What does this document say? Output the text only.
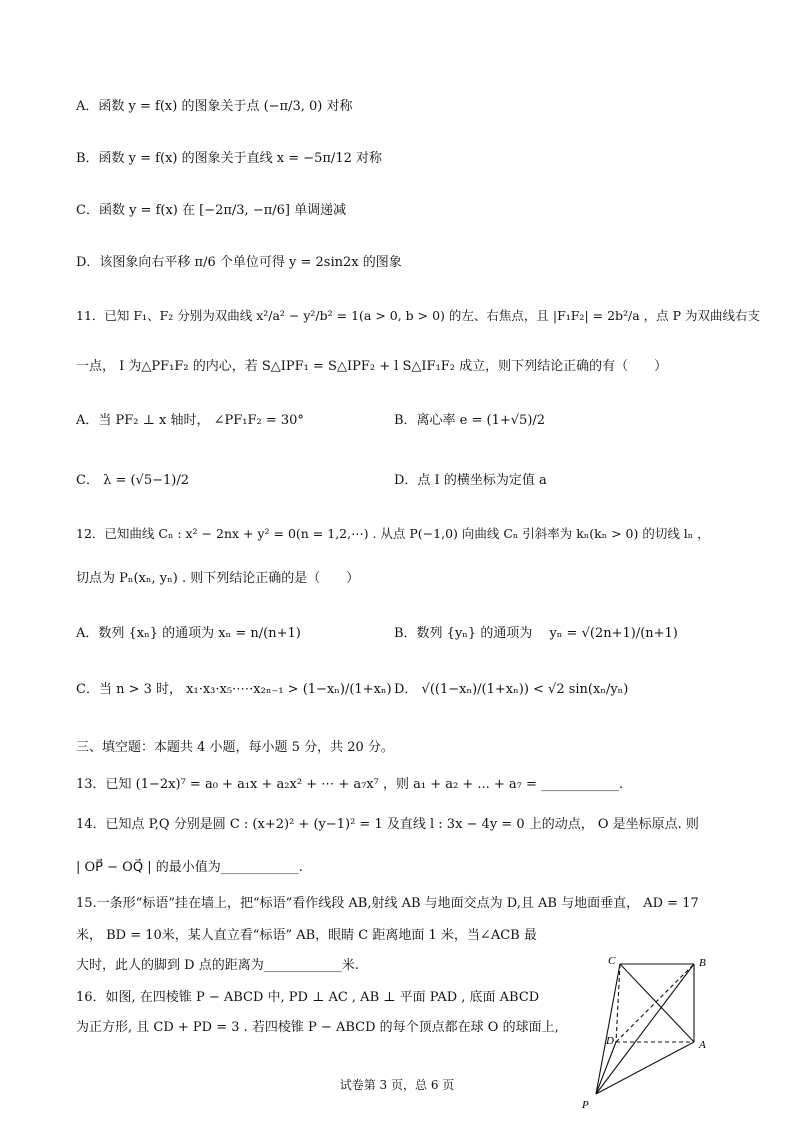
A．函数 y = f(x) 的图象关于点 (−π/3, 0) 对称
B．函数 y = f(x) 的图象关于直线 x = −5π/12 对称
C．函数 y = f(x) 在 [−2π/3, −π/6] 单调递减
D．该图象向右平移 π/6 个单位可得 y = 2sin2x 的图象
11．已知 F₁、F₂ 分别为双曲线 x²/a² − y²/b² = 1(a > 0, b > 0) 的左、右焦点，且 |F₁F₂| = 2b²/a ，点 P 为双曲线右支
一点， I 为△PF₁F₂ 的内心，若 S△IPF₁ = S△IPF₂ + l S△IF₁F₂ 成立，则下列结论正确的有（　　）
A．当 PF₂ ⊥ x 轴时， ∠PF₁F₂ = 30°	B．离心率 e = (1+√5)/2
C． λ = (√5−1)/2	D．点 I 的横坐标为定值 a
12．已知曲线 Cₙ : x² − 2nx + y² = 0(n = 1,2,⋯) . 从点 P(−1,0) 向曲线 Cₙ 引斜率为 kₙ(kₙ > 0) 的切线 lₙ ，
切点为 Pₙ(xₙ, yₙ) . 则下列结论正确的是（　　）
A．数列 {xₙ} 的通项为 xₙ = n/(n+1)	B．数列 {yₙ} 的通项为　 yₙ = √(2n+1)/(n+1)
C．当 n > 3 时， x₁·x₃·x₅·⋯·x₂ₙ₋₁ > (1−xₙ)/(1+xₙ) D． √((1−xₙ)/(1+xₙ)) < √2 sin(xₙ/yₙ)
三、填空题：本题共 4 小题，每小题 5 分，共 20 分。
13．已知 (1−2x)⁷ = a₀ + a₁x + a₂x² + ⋯ + a₇x⁷ ，则 a₁ + a₂ + ... + a₇ = ____________.
14．已知点 P,Q 分别是圆 C : (x+2)² + (y−1)² = 1 及直线 l : 3x − 4y = 0 上的动点， O 是坐标原点. 则
| OP⃗ − OQ⃗ | 的最小值为____________.
15.一条形“标语”挂在墙上，把“标语”看作线段 AB,射线 AB 与地面交点为 D,且 AB 与地面垂直， AD = 17
米， BD = 10米，某人直立看“标语” AB，眼睛 C 距离地面 1 米，当∠ACB 最
大时，此人的脚到 D 点的距离为____________米.
16．如图, 在四棱锥 P − ABCD 中, PD ⊥ AC , AB ⊥ 平面 PAD , 底面 ABCD
为正方形, 且 CD + PD = 3 . 若四棱锥 P − ABCD 的每个顶点都在球 O 的球面上,
C	B
D	A
P
试卷第 3 页，总 6 页
